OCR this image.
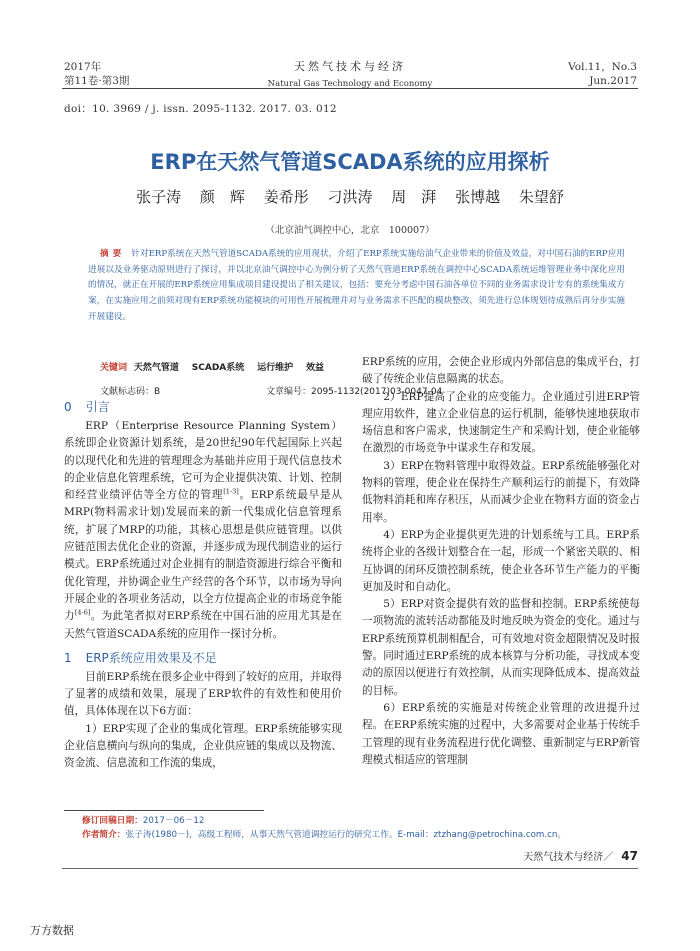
2017年
第11卷·第3期
天然气技术与经济
Natural Gas Technology and Economy
Vol.11，No.3
Jun.2017
doi：10. 3969 / j. issn. 2095-1132. 2017. 03. 012
ERP在天然气管道SCADA系统的应用探析
张子涛 颜　辉 姜希彤 刁洪涛 周　湃 张博越 朱望舒
（北京油气调控中心，北京　100007）
摘要 针对ERP系统在天然气管道SCADA系统的应用现状，介绍了ERP系统实施给油气企业带来的价值及效益，对中国石油的ERP应用进展以及业务驱动原则进行了探讨，并以北京油气调控中心为例分析了天然气管道ERP系统在调控中心SCADA系统运维管理业务中深化应用的情况，就正在开展的ERP系统应用集成项目建设提出了相关建议，包括：要充分考虑中国石油各单位不同的业务需求设计专有的系统集成方案，在实施应用之前须对现有ERP系统功能模块的可用性开展梳理并对与业务需求不匹配的模块整改，须先进行总体规划待成熟后再分步实施开展建设。
关键词 天然气管道 SCADA系统 运行维护 效益
文献标志码：B	文章编号：2095-1132(2017)03-0047-04
0 引言

ERP（Enterprise Resource Planning System）系统即企业资源计划系统，是20世纪90年代起国际上兴起的以现代化和先进的管理理念为基础并应用于现代信息技术的企业信息化管理系统，它可为企业提供决策、计划、控制和经营业绩评估等全方位的管理[1-3]。ERP系统最早是从MRP(物料需求计划)发展而来的新一代集成化信息管理系统，扩展了MRP的功能，其核心思想是供应链管理。以供应链范围去优化企业的资源，并逐步成为现代制造业的运行模式。ERP系统通过对企业拥有的制造资源进行综合平衡和优化管理，并协调企业生产经营的各个环节，以市场为导向开展企业的各项业务活动，以全方位提高企业的市场竞争能力[4-6]。为此笔者拟对ERP系统在中国石油的应用尤其是在天然气管道SCADA系统的应用作一探讨分析。

1 ERP系统应用效果及不足

目前ERP系统在很多企业中得到了较好的应用，并取得了显著的成绩和效果，展现了ERP软件的有效性和使用价值，具体体现在以下6方面：

1）ERP实现了企业的集成化管理。ERP系统能够实现企业信息横向与纵向的集成，企业供应链的集成以及物流、资金流、信息流和工作流的集成，

ERP系统的应用，会使企业形成内外部信息的集成平台，打破了传统企业信息隔离的状态。

2）ERP提高了企业的应变能力。企业通过引进ERP管理应用软件，建立企业信息的运行机制，能够快速地获取市场信息和客户需求，快速制定生产和采购计划，使企业能够在激烈的市场竞争中谋求生存和发展。

3）ERP在物料管理中取得效益。ERP系统能够强化对物料的管理，使企业在保持生产顺利运行的前提下，有效降低物料消耗和库存积压，从而减少企业在物料方面的资金占用率。

4）ERP为企业提供更先进的计划系统与工具。ERP系统将企业的各级计划整合在一起，形成一个紧密关联的、相互协调的闭环反馈控制系统，使企业各环节生产能力的平衡更加及时和自动化。

5）ERP对资金提供有效的监督和控制。ERP系统使每一项物流的流转活动都能及时地反映为资金的变化。通过与ERP系统预算机制相配合，可有效地对资金超限情况及时报警。同时通过ERP系统的成本核算与分析功能，寻找成本变动的原因以便进行有效控制，从而实现降低成本、提高效益的目标。

6）ERP系统的实施是对传统企业管理的改进提升过程。在ERP系统实施的过程中，大多需要对企业基于传统手工管理的现有业务流程进行优化调整、重新制定与ERP新管理模式相适应的管理制

修订回稿日期：2017－06－12
作者简介：张子涛(1980－)，高级工程师，从事天然气管道调控运行的研究工作。E-mail：ztzhang@petrochina.com.cn。
天然气技术与经济／ 47
万方数据
